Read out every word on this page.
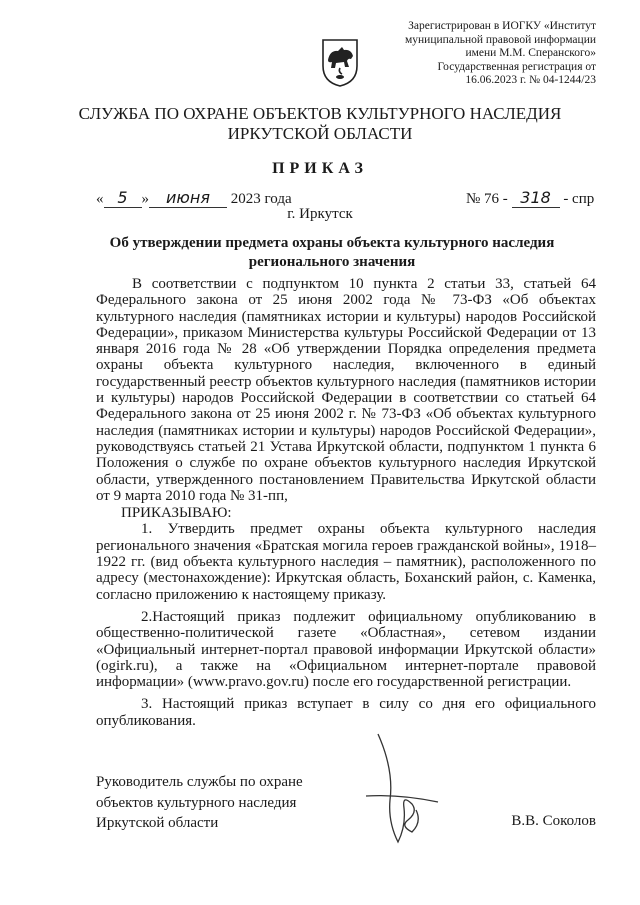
Зарегистрирован в ИОГКУ «Институт
муниципальной правовой информации
имени М.М. Сперанского»
Государственная регистрация от
16.06.2023 г. № 04-1244/23
СЛУЖБА ПО ОХРАНЕ ОБЪЕКТОВ КУЛЬТУРНОГО НАСЛЕДИЯ
ИРКУТСКОЙ ОБЛАСТИ
ПРИКАЗ
« 5 » июня 2023 года	№ 76 - 318 - спр
г. Иркутск
Об утверждении предмета охраны объекта культурного наследия
регионального значения

В соответствии с подпунктом 10 пункта 2 статьи 33, статьей 64 Федерального закона от 25 июня 2002 года № 73-ФЗ «Об объектах культурного наследия (памятниках истории и культуры) народов Российской Федерации», приказом Министерства культуры Российской Федерации от 13 января 2016 года № 28 «Об утверждении Порядка определения предмета охраны объекта культурного наследия, включенного в единый государственный реестр объектов культурного наследия (памятников истории и культуры) народов Российской Федерации в соответствии со статьей 64 Федерального закона от 25 июня 2002 г. № 73-ФЗ «Об объектах культурного наследия (памятниках истории и культуры) народов Российской Федерации», руководствуясь статьей 21 Устава Иркутской области, подпунктом 1 пункта 6 Положения о службе по охране объектов культурного наследия Иркутской области, утвержденного постановлением Правительства Иркутской области от 9 марта 2010 года № 31-пп,

ПРИКАЗЫВАЮ:

1. Утвердить предмет охраны объекта культурного наследия регионального значения «Братская могила героев гражданской войны», 1918–1922 гг. (вид объекта культурного наследия – памятник), расположенного по адресу (местонахождение): Иркутская область, Боханский район, с. Каменка, согласно приложению к настоящему приказу.

2.Настоящий приказ подлежит официальному опубликованию в общественно-политической газете «Областная», сетевом издании «Официальный интернет-портал правовой информации Иркутской области» (ogirk.ru), а также на «Официальном интернет-портале правовой информации» (www.pravo.gov.ru) после его государственной регистрации.

3. Настоящий приказ вступает в силу со дня его официального опубликования.

Руководитель службы по охране
объектов культурного наследия
Иркутской области	В.В. Соколов
